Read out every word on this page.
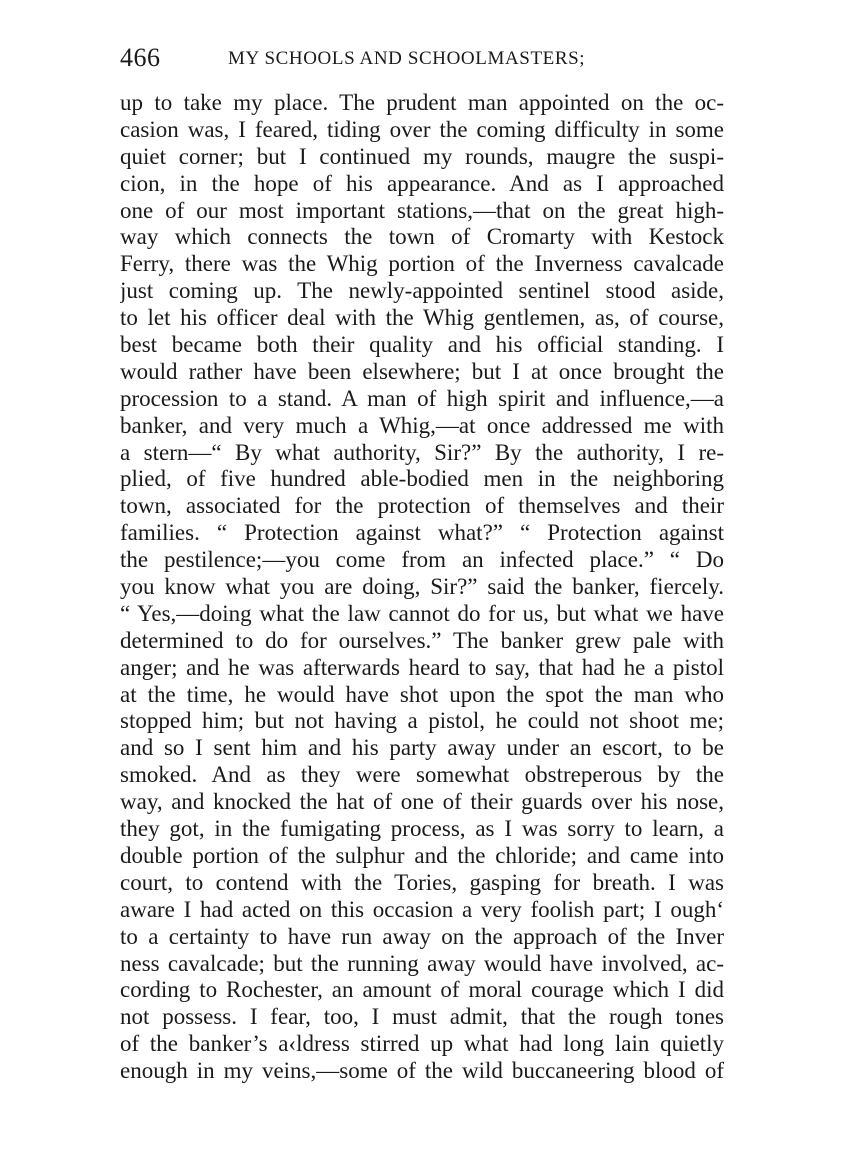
466	MY SCHOOLS AND SCHOOLMASTERS;
up to take my place. The prudent man appointed on the oc-
casion was, I feared, tiding over the coming difficulty in some
quiet corner; but I continued my rounds, maugre the suspi-
cion, in the hope of his appearance. And as I approached
one of our most important stations,—that on the great high-
way which connects the town of Cromarty with Kestock
Ferry, there was the Whig portion of the Inverness cavalcade
just coming up. The newly-appointed sentinel stood aside,
to let his officer deal with the Whig gentlemen, as, of course,
best became both their quality and his official standing. I
would rather have been elsewhere; but I at once brought the
procession to a stand. A man of high spirit and influence,—a
banker, and very much a Whig,—at once addressed me with
a stern—“ By what authority, Sir?” By the authority, I re-
plied, of five hundred able-bodied men in the neighboring
town, associated for the protection of themselves and their
families. “ Protection against what?” “ Protection against
the pestilence;—you come from an infected place.” “ Do
you know what you are doing, Sir?” said the banker, fiercely.
“ Yes,—doing what the law cannot do for us, but what we have
determined to do for ourselves.” The banker grew pale with
anger; and he was afterwards heard to say, that had he a pistol
at the time, he would have shot upon the spot the man who
stopped him; but not having a pistol, he could not shoot me;
and so I sent him and his party away under an escort, to be
smoked. And as they were somewhat obstreperous by the
way, and knocked the hat of one of their guards over his nose,
they got, in the fumigating process, as I was sorry to learn, a
double portion of the sulphur and the chloride; and came into
court, to contend with the Tories, gasping for breath. I was
aware I had acted on this occasion a very foolish part; I ough‘
to a certainty to have run away on the approach of the Inver
ness cavalcade; but the running away would have involved, ac-
cording to Rochester, an amount of moral courage which I did
not possess. I fear, too, I must admit, that the rough tones
of the banker’s a‹ldress stirred up what had long lain quietly
enough in my veins,—some of the wild buccaneering blood of
